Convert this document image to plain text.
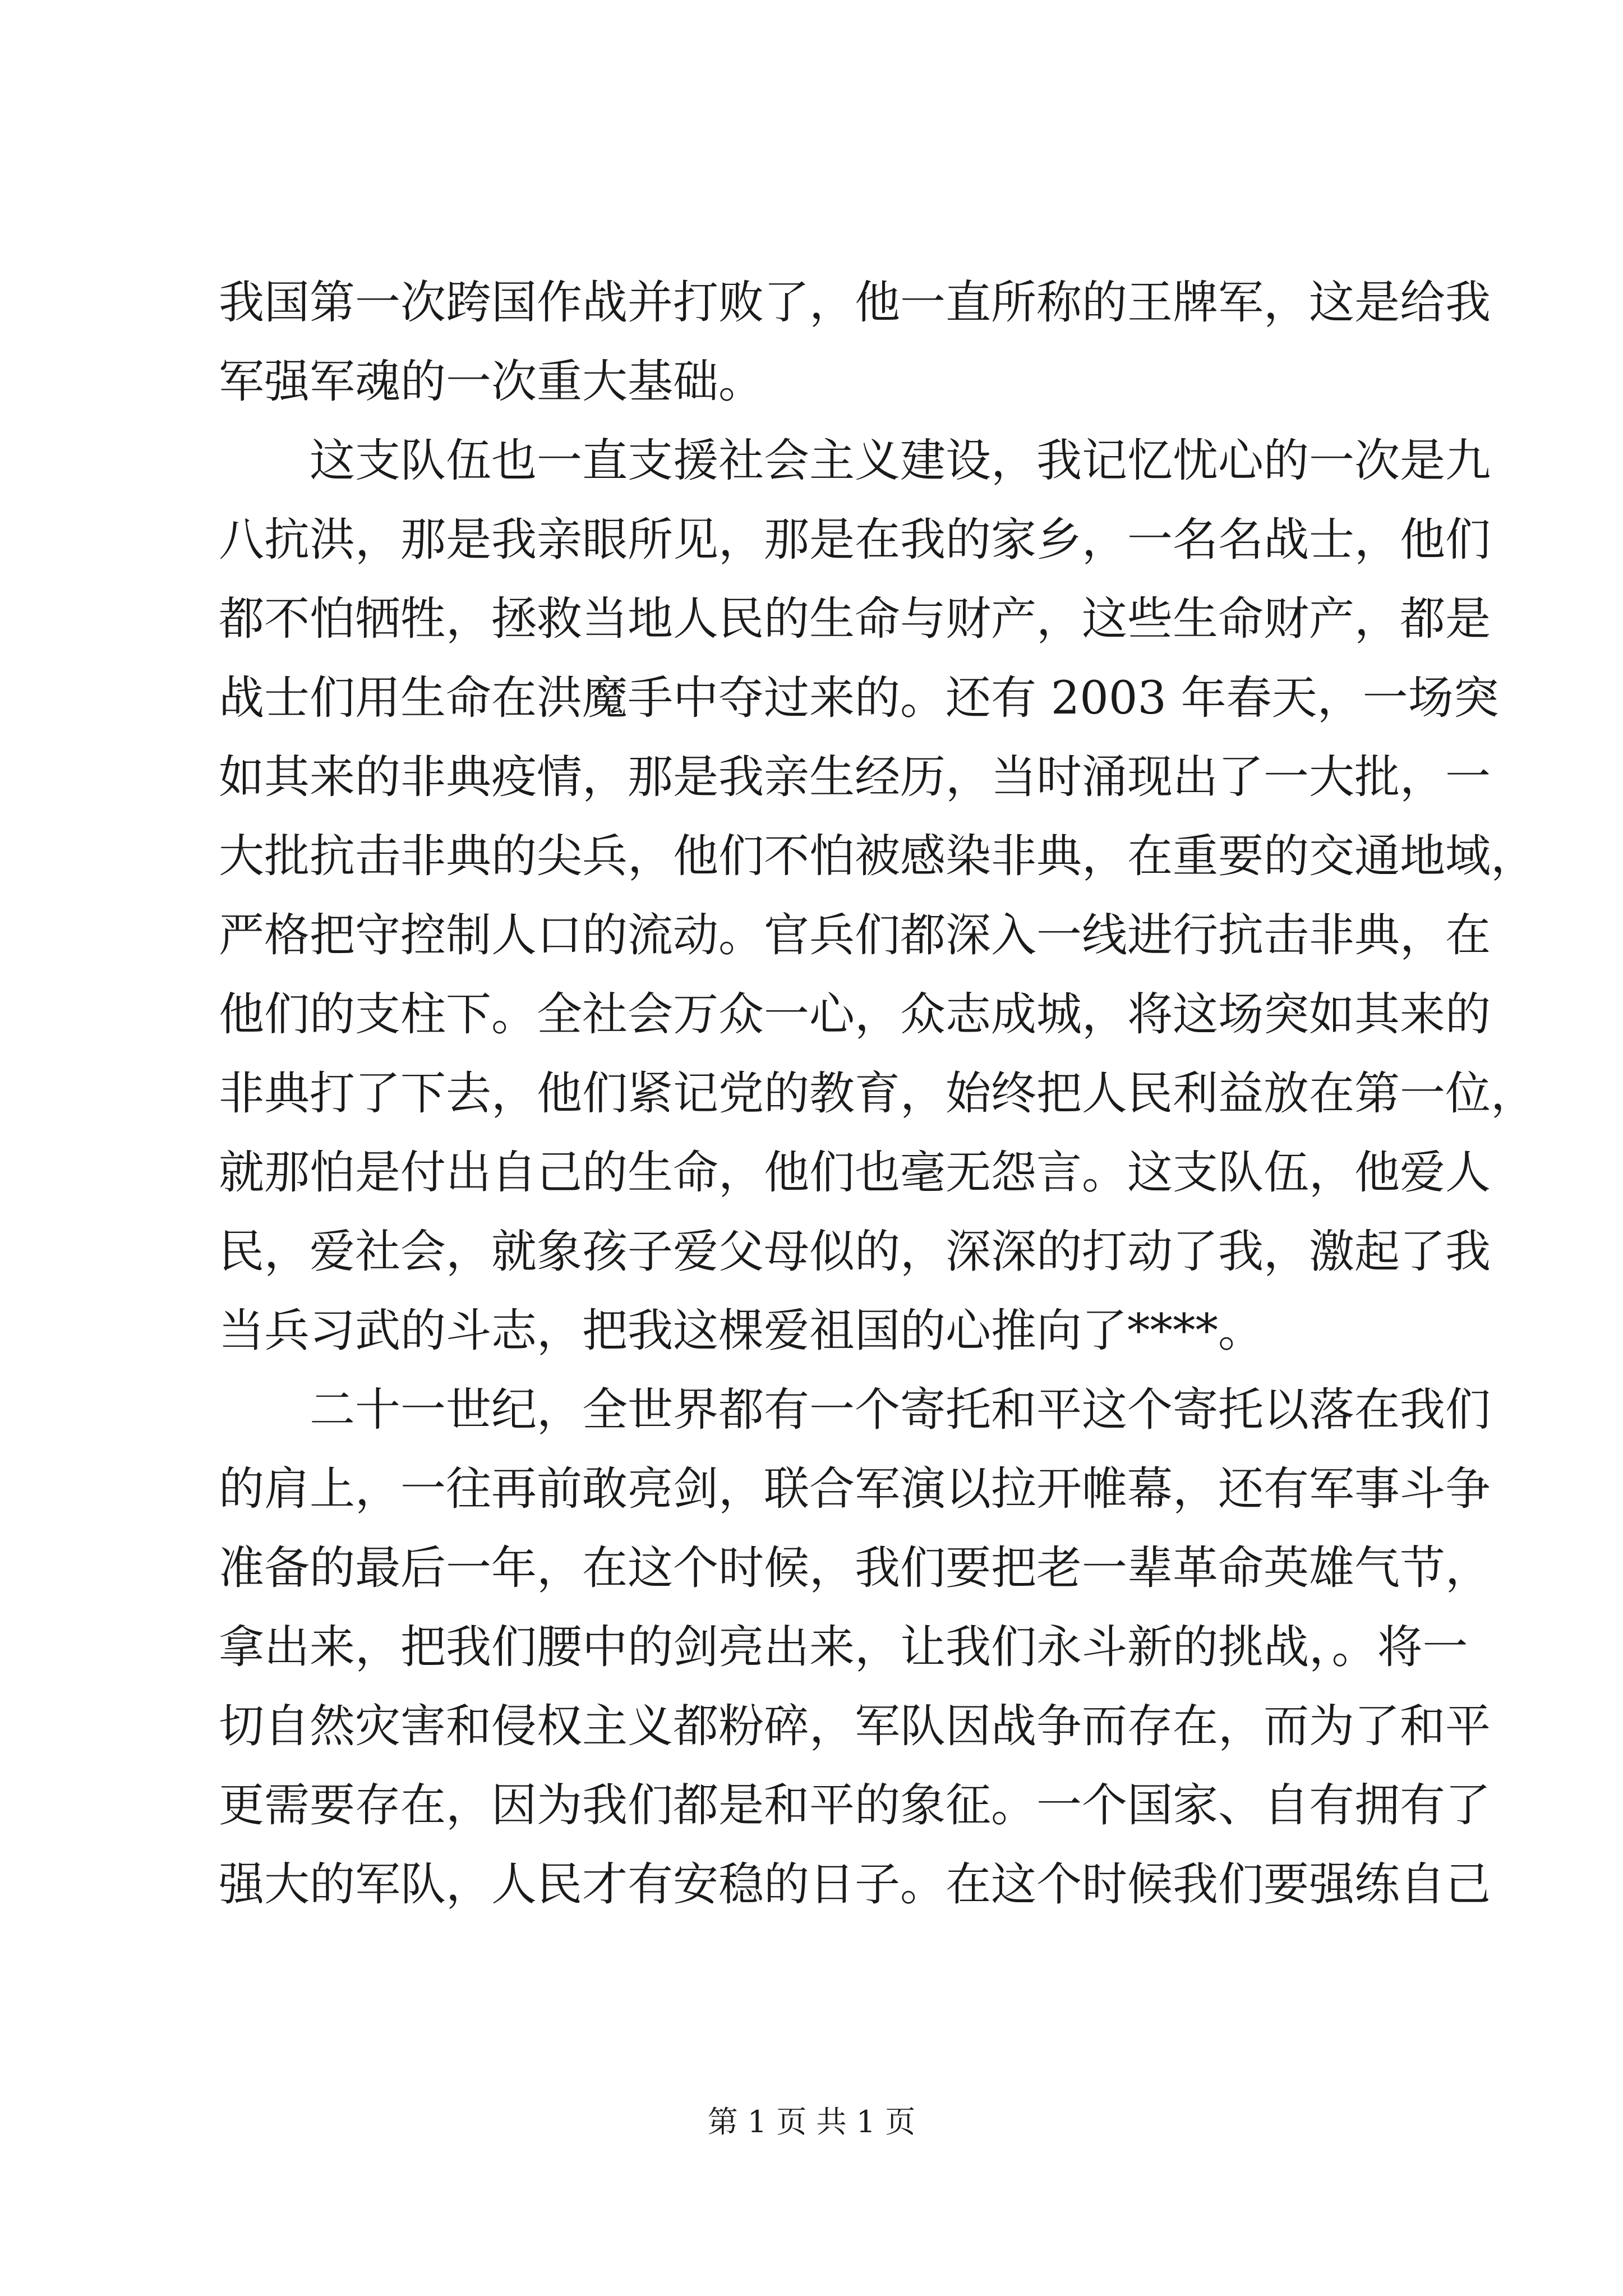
我国第一次跨国作战并打败了，他一直所称的王牌军，这是给我
军强军魂的一次重大基础。
这支队伍也一直支援社会主义建设，我记忆忧心的一次是九
八抗洪，那是我亲眼所见，那是在我的家乡，一名名战士，他们
都不怕牺牲，拯救当地人民的生命与财产，这些生命财产，都是
战士们用生命在洪魔手中夺过来的。还有 2003 年春天，一场突
如其来的非典疫情，那是我亲生经历，当时涌现出了一大批，一
大批抗击非典的尖兵，他们不怕被感染非典，在重要的交通地域，
严格把守控制人口的流动。官兵们都深入一线进行抗击非典，在
他们的支柱下。全社会万众一心，众志成城，将这场突如其来的
非典打了下去，他们紧记党的教育，始终把人民利益放在第一位，
就那怕是付出自己的生命，他们也毫无怨言。这支队伍，他爱人
民，爱社会，就象孩子爱父母似的，深深的打动了我，激起了我
当兵习武的斗志，把我这棵爱祖国的心推向了****。
二十一世纪，全世界都有一个寄托和平这个寄托以落在我们
的肩上，一往再前敢亮剑，联合军演以拉开帷幕，还有军事斗争
准备的最后一年，在这个时候，我们要把老一辈革命英雄气节，
拿出来，把我们腰中的剑亮出来，让我们永斗新的挑战，。将一
切自然灾害和侵权主义都粉碎，军队因战争而存在，而为了和平
更需要存在，因为我们都是和平的象征。一个国家、自有拥有了
强大的军队，人民才有安稳的日子。在这个时候我们要强练自己
第 1 页 共 1 页
